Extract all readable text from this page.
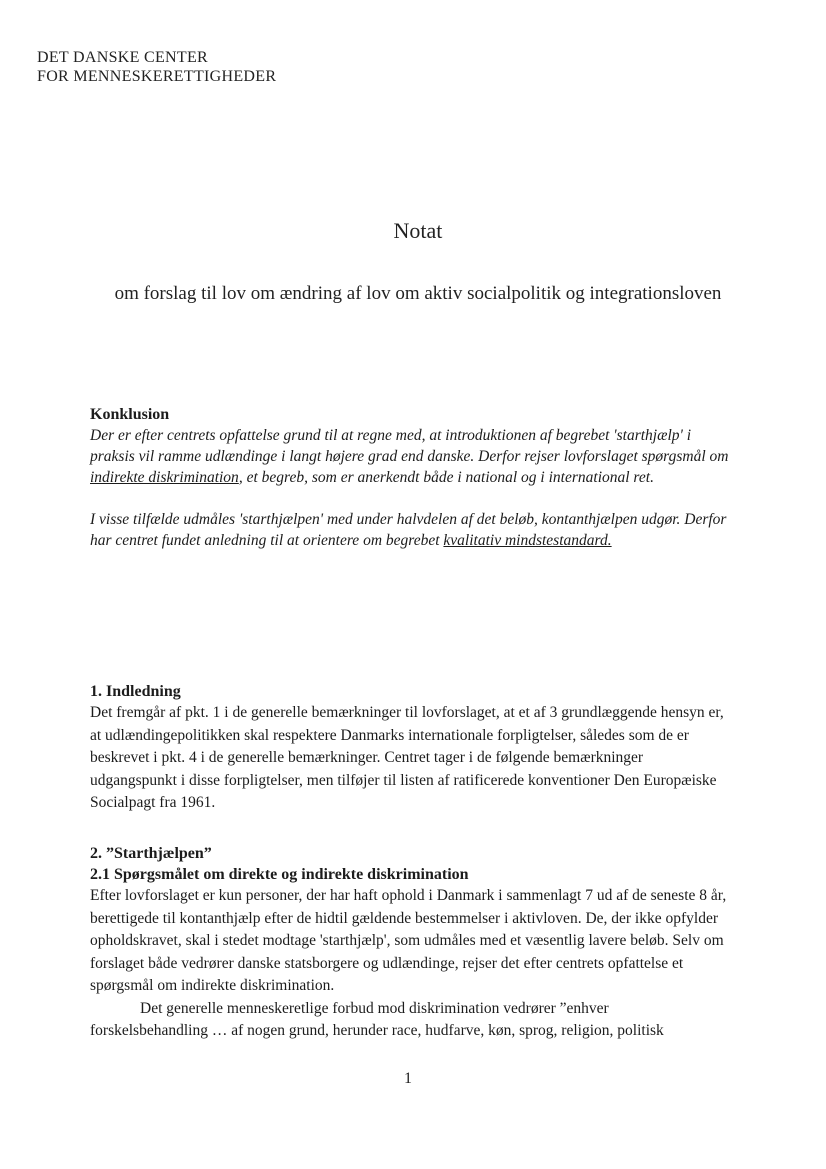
DET DANSKE CENTER
FOR MENNESKERETTIGHEDER
Notat
om forslag til lov om ændring af lov om aktiv socialpolitik og integrationsloven

Konklusion

Der er efter centrets opfattelse grund til at regne med, at introduktionen af begrebet 'starthjælp' i praksis vil ramme udlændinge i langt højere grad end danske. Derfor rejser lovforslaget spørgsmål om indirekte diskrimination, et begreb, som er anerkendt både i national og i international ret.

I visse tilfælde udmåles 'starthjælpen' med under halvdelen af det beløb, kontanthjælpen udgør. Derfor har centret fundet anledning til at orientere om begrebet kvalitativ mindstestandard.

1. Indledning

Det fremgår af pkt. 1 i de generelle bemærkninger til lovforslaget, at et af 3 grundlæggende hensyn er, at udlændingepolitikken skal respektere Danmarks internationale forpligtelser, således som de er beskrevet i pkt. 4 i de generelle bemærkninger. Centret tager i de følgende bemærkninger udgangspunkt i disse forpligtelser, men tilføjer til listen af ratificerede konventioner Den Europæiske Socialpagt fra 1961.

2. ”Starthjælpen”

2.1 Spørgsmålet om direkte og indirekte diskrimination

Efter lovforslaget er kun personer, der har haft ophold i Danmark i sammenlagt 7 ud af de seneste 8 år, berettigede til kontanthjælp efter de hidtil gældende bestemmelser i aktivloven. De, der ikke opfylder opholdskravet, skal i stedet modtage 'starthjælp', som udmåles med et væsentlig lavere beløb. Selv om forslaget både vedrører danske statsborgere og udlændinge, rejser det efter centrets opfattelse et spørgsmål om indirekte diskrimination.

Det generelle menneskeretlige forbud mod diskrimination vedrører ”enhver forskelsbehandling … af nogen grund, herunder race, hudfarve, køn, sprog, religion, politisk

1
